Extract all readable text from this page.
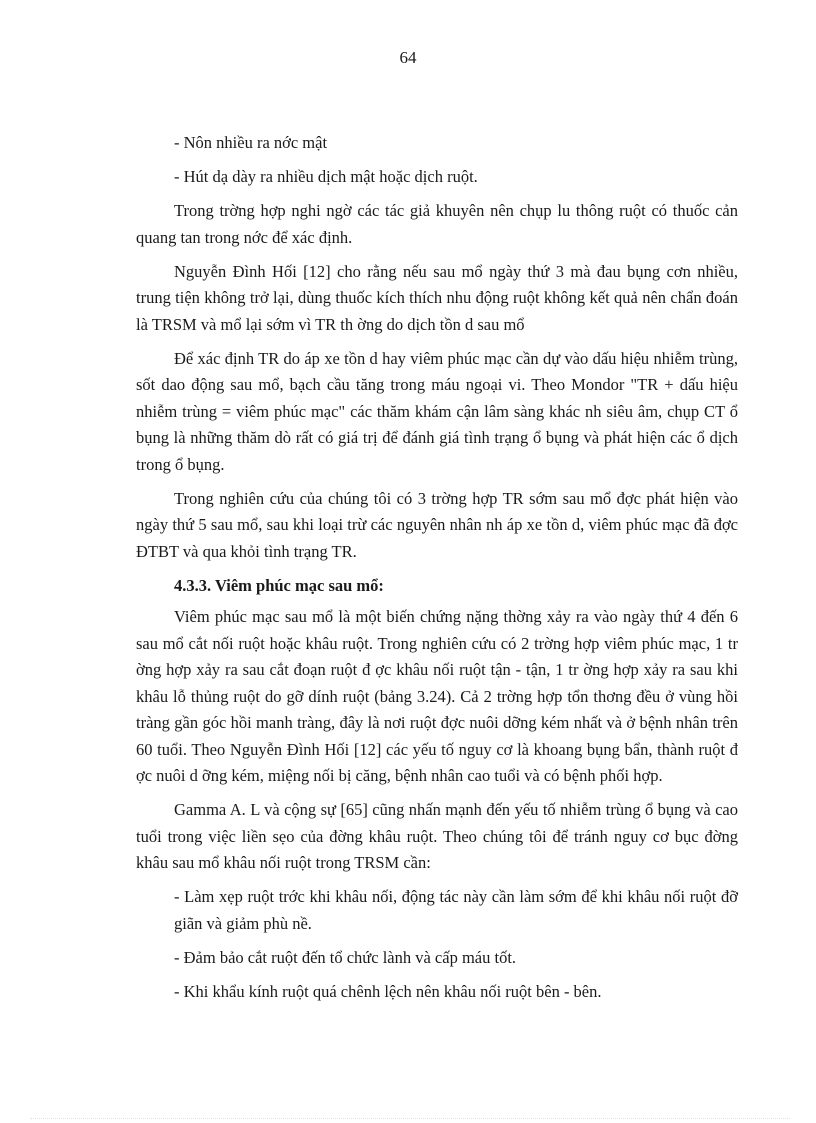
64

- Nôn nhiều ra nớc mật

- Hút dạ dày ra nhiều dịch mật hoặc dịch ruột.

Trong trờng hợp nghi ngờ các tác giả khuyên nên chụp lu thông ruột có thuốc cản quang tan trong nớc để xác định.

Nguyễn Đình Hối [12] cho rằng nếu sau mổ ngày thứ 3 mà đau bụng cơn nhiều, trung tiện không trở lại, dùng thuốc kích thích nhu động ruột không kết quả nên chẩn đoán là TRSM và mổ lại sớm vì TR th ờng do dịch tồn d sau mổ

Để xác định TR do áp xe tồn d hay viêm phúc mạc cần dự vào dấu hiệu nhiễm trùng, sốt dao động sau mổ, bạch cầu tăng trong máu ngoại vi. Theo Mondor "TR + dấu hiệu nhiễm trùng = viêm phúc mạc" các thăm khám cận lâm sàng khác nh siêu âm, chụp CT ổ bụng là những thăm dò rất có giá trị để đánh giá tình trạng ổ bụng và phát hiện các ổ dịch trong ổ bụng.

Trong nghiên cứu của chúng tôi có 3 trờng hợp TR sớm sau mổ đợc phát hiện vào ngày thứ 5 sau mổ, sau khi loại trừ các nguyên nhân nh áp xe tồn d, viêm phúc mạc đã đợc ĐTBT và qua khỏi tình trạng TR.

4.3.3. Viêm phúc mạc sau mổ:

Viêm phúc mạc sau mổ là một biến chứng nặng thờng xảy ra vào ngày thứ 4 đến 6 sau mổ cắt nối ruột hoặc khâu ruột. Trong nghiên cứu có 2 trờng hợp viêm phúc mạc, 1 tr ờng hợp xảy ra sau cắt đoạn ruột đ ợc khâu nối ruột tận - tận, 1 tr ờng hợp xảy ra sau khi khâu lỗ thủng ruột do gỡ dính ruột (bảng 3.24). Cả 2 trờng hợp tổn thơng đều ở vùng hồi tràng gần góc hồi manh tràng, đây là nơi ruột đợc nuôi dỡng kém nhất và ở bệnh nhân trên 60 tuổi. Theo Nguyễn Đình Hối [12] các yếu tố nguy cơ là khoang bụng bẩn, thành ruột đ ợc nuôi d ỡng kém, miệng nối bị căng, bệnh nhân cao tuổi và có bệnh phối hợp.

Gamma A. L và cộng sự [65] cũng nhấn mạnh đến yếu tố nhiễm trùng ổ bụng và cao tuổi trong việc liền sẹo của đờng khâu ruột. Theo chúng tôi để tránh nguy cơ bục đờng khâu sau mổ khâu nối ruột trong TRSM cần:

- Làm xẹp ruột trớc khi khâu nối, động tác này cần làm sớm để khi khâu nối ruột đỡ giãn và giảm phù nề.

- Đảm bảo cắt ruột đến tổ chức lành và cấp máu tốt.

- Khi khẩu kính ruột quá chênh lệch nên khâu nối ruột bên - bên.
